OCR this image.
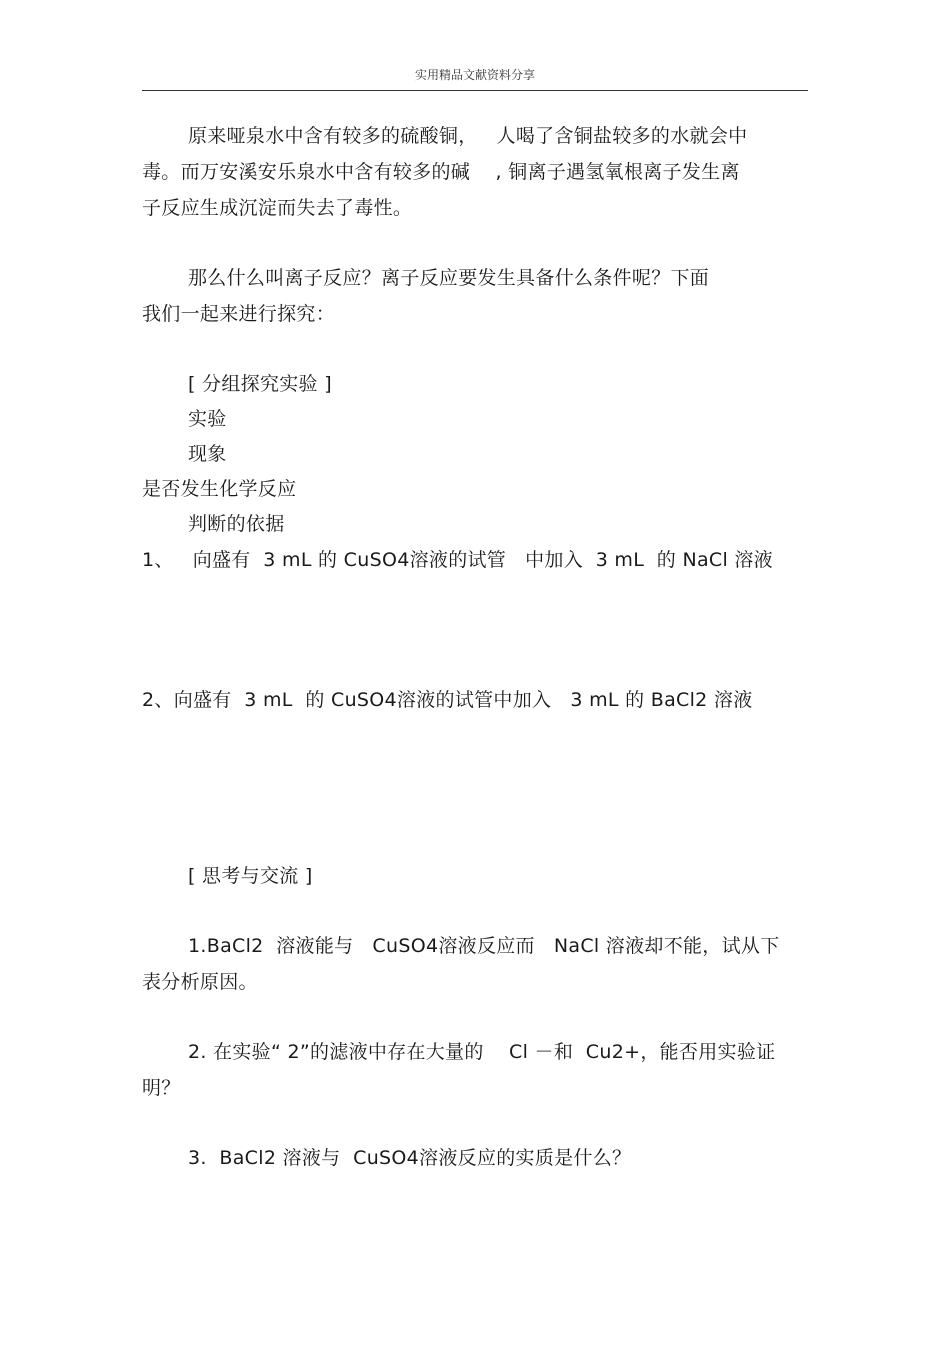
实用精品文献资料分享
原来哑泉水中含有较多的硫酸铜，   人喝了含铜盐较多的水就会中
毒。而万安溪安乐泉水中含有较多的碱    , 铜离子遇氢氧根离子发生离
子反应生成沉淀而失去了毒性。
那么什么叫离子反应？离子反应要发生具备什么条件呢？下面
我们一起来进行探究：
[ 分组探究实验 ]
实验
现象
是否发生化学反应
判断的依据
1、   向盛有  3 mL 的 CuSO4溶液的试管   中加入  3 mL  的 NaCl 溶液
2、向盛有  3 mL  的 CuSO4溶液的试管中加入   3 mL 的 BaCl2 溶液
[ 思考与交流 ]
1.BaCl2  溶液能与   CuSO4溶液反应而   NaCl 溶液却不能，试从下
表分析原因。
2. 在实验“ 2”的滤液中存在大量的    Cl －和  Cu2+，能否用实验证
明？
3.  BaCl2 溶液与  CuSO4溶液反应的实质是什么？
